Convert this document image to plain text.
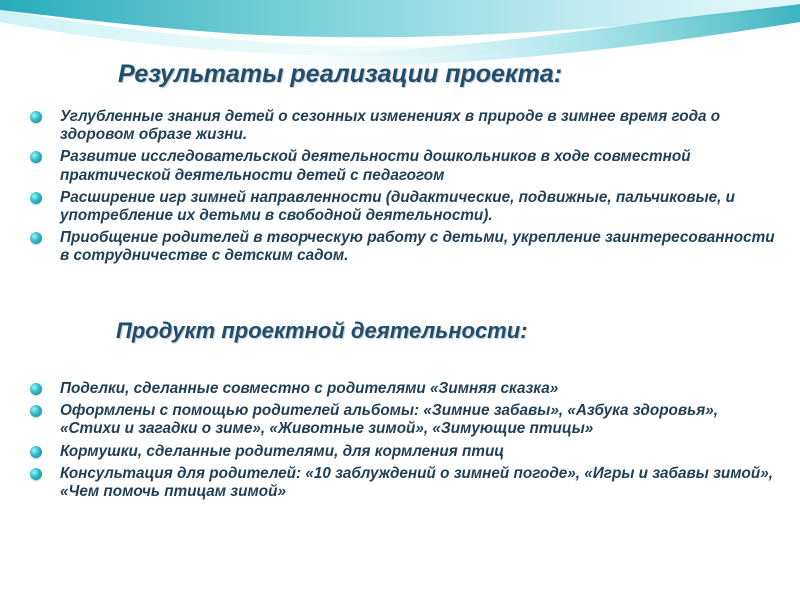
Результаты реализации проекта:
Углубленные знания детей о сезонных изменениях в природе в зимнее время года о здоровом образе жизни.
Развитие исследовательской деятельности дошкольников в ходе совместной практической деятельности детей с педагогом
Расширение игр зимней направленности (дидактические, подвижные, пальчиковые, и употребление их детьми в свободной деятельности).
Приобщение родителей в творческую работу с детьми, укрепление заинтересованности в сотрудничестве с детским садом.
Продукт проектной деятельности:
Поделки, сделанные совместно с родителями «Зимняя сказка»
Оформлены с помощью родителей альбомы: «Зимние забавы», «Азбука здоровья», «Стихи и загадки о зиме», «Животные зимой», «Зимующие птицы»
Кормушки, сделанные родителями, для кормления птиц
Консультация для родителей: «10 заблуждений о зимней погоде», «Игры и забавы зимой», «Чем помочь птицам зимой»
